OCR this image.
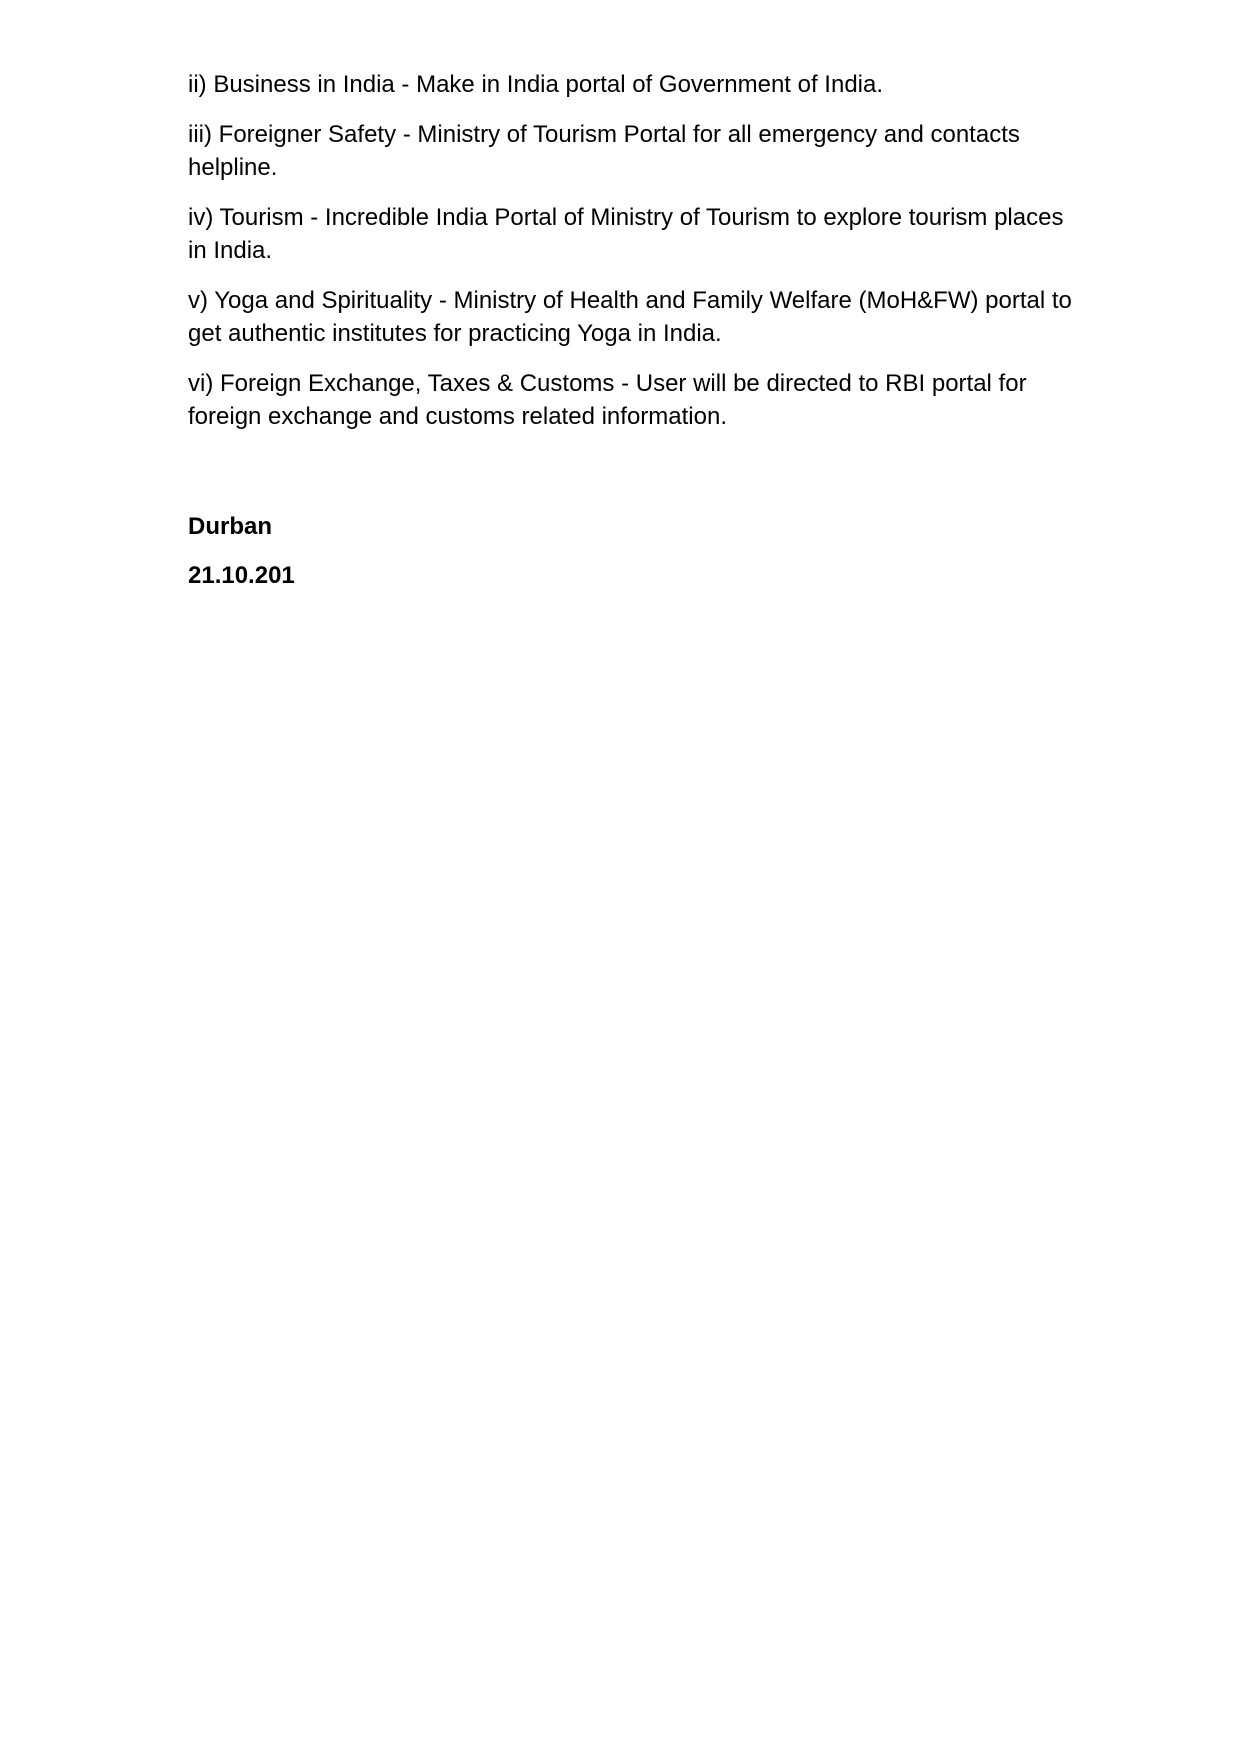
ii) Business in India - Make in India portal of Government of India.

iii) Foreigner Safety - Ministry of Tourism Portal for all emergency and contacts helpline.

iv) Tourism - Incredible India Portal of Ministry of Tourism to explore tourism places in India.

v) Yoga and Spirituality - Ministry of Health and Family Welfare (MoH&FW) portal to get authentic institutes for practicing Yoga in India.

vi) Foreign Exchange, Taxes & Customs - User will be directed to RBI portal for foreign exchange and customs related information.

Durban

21.10.201
